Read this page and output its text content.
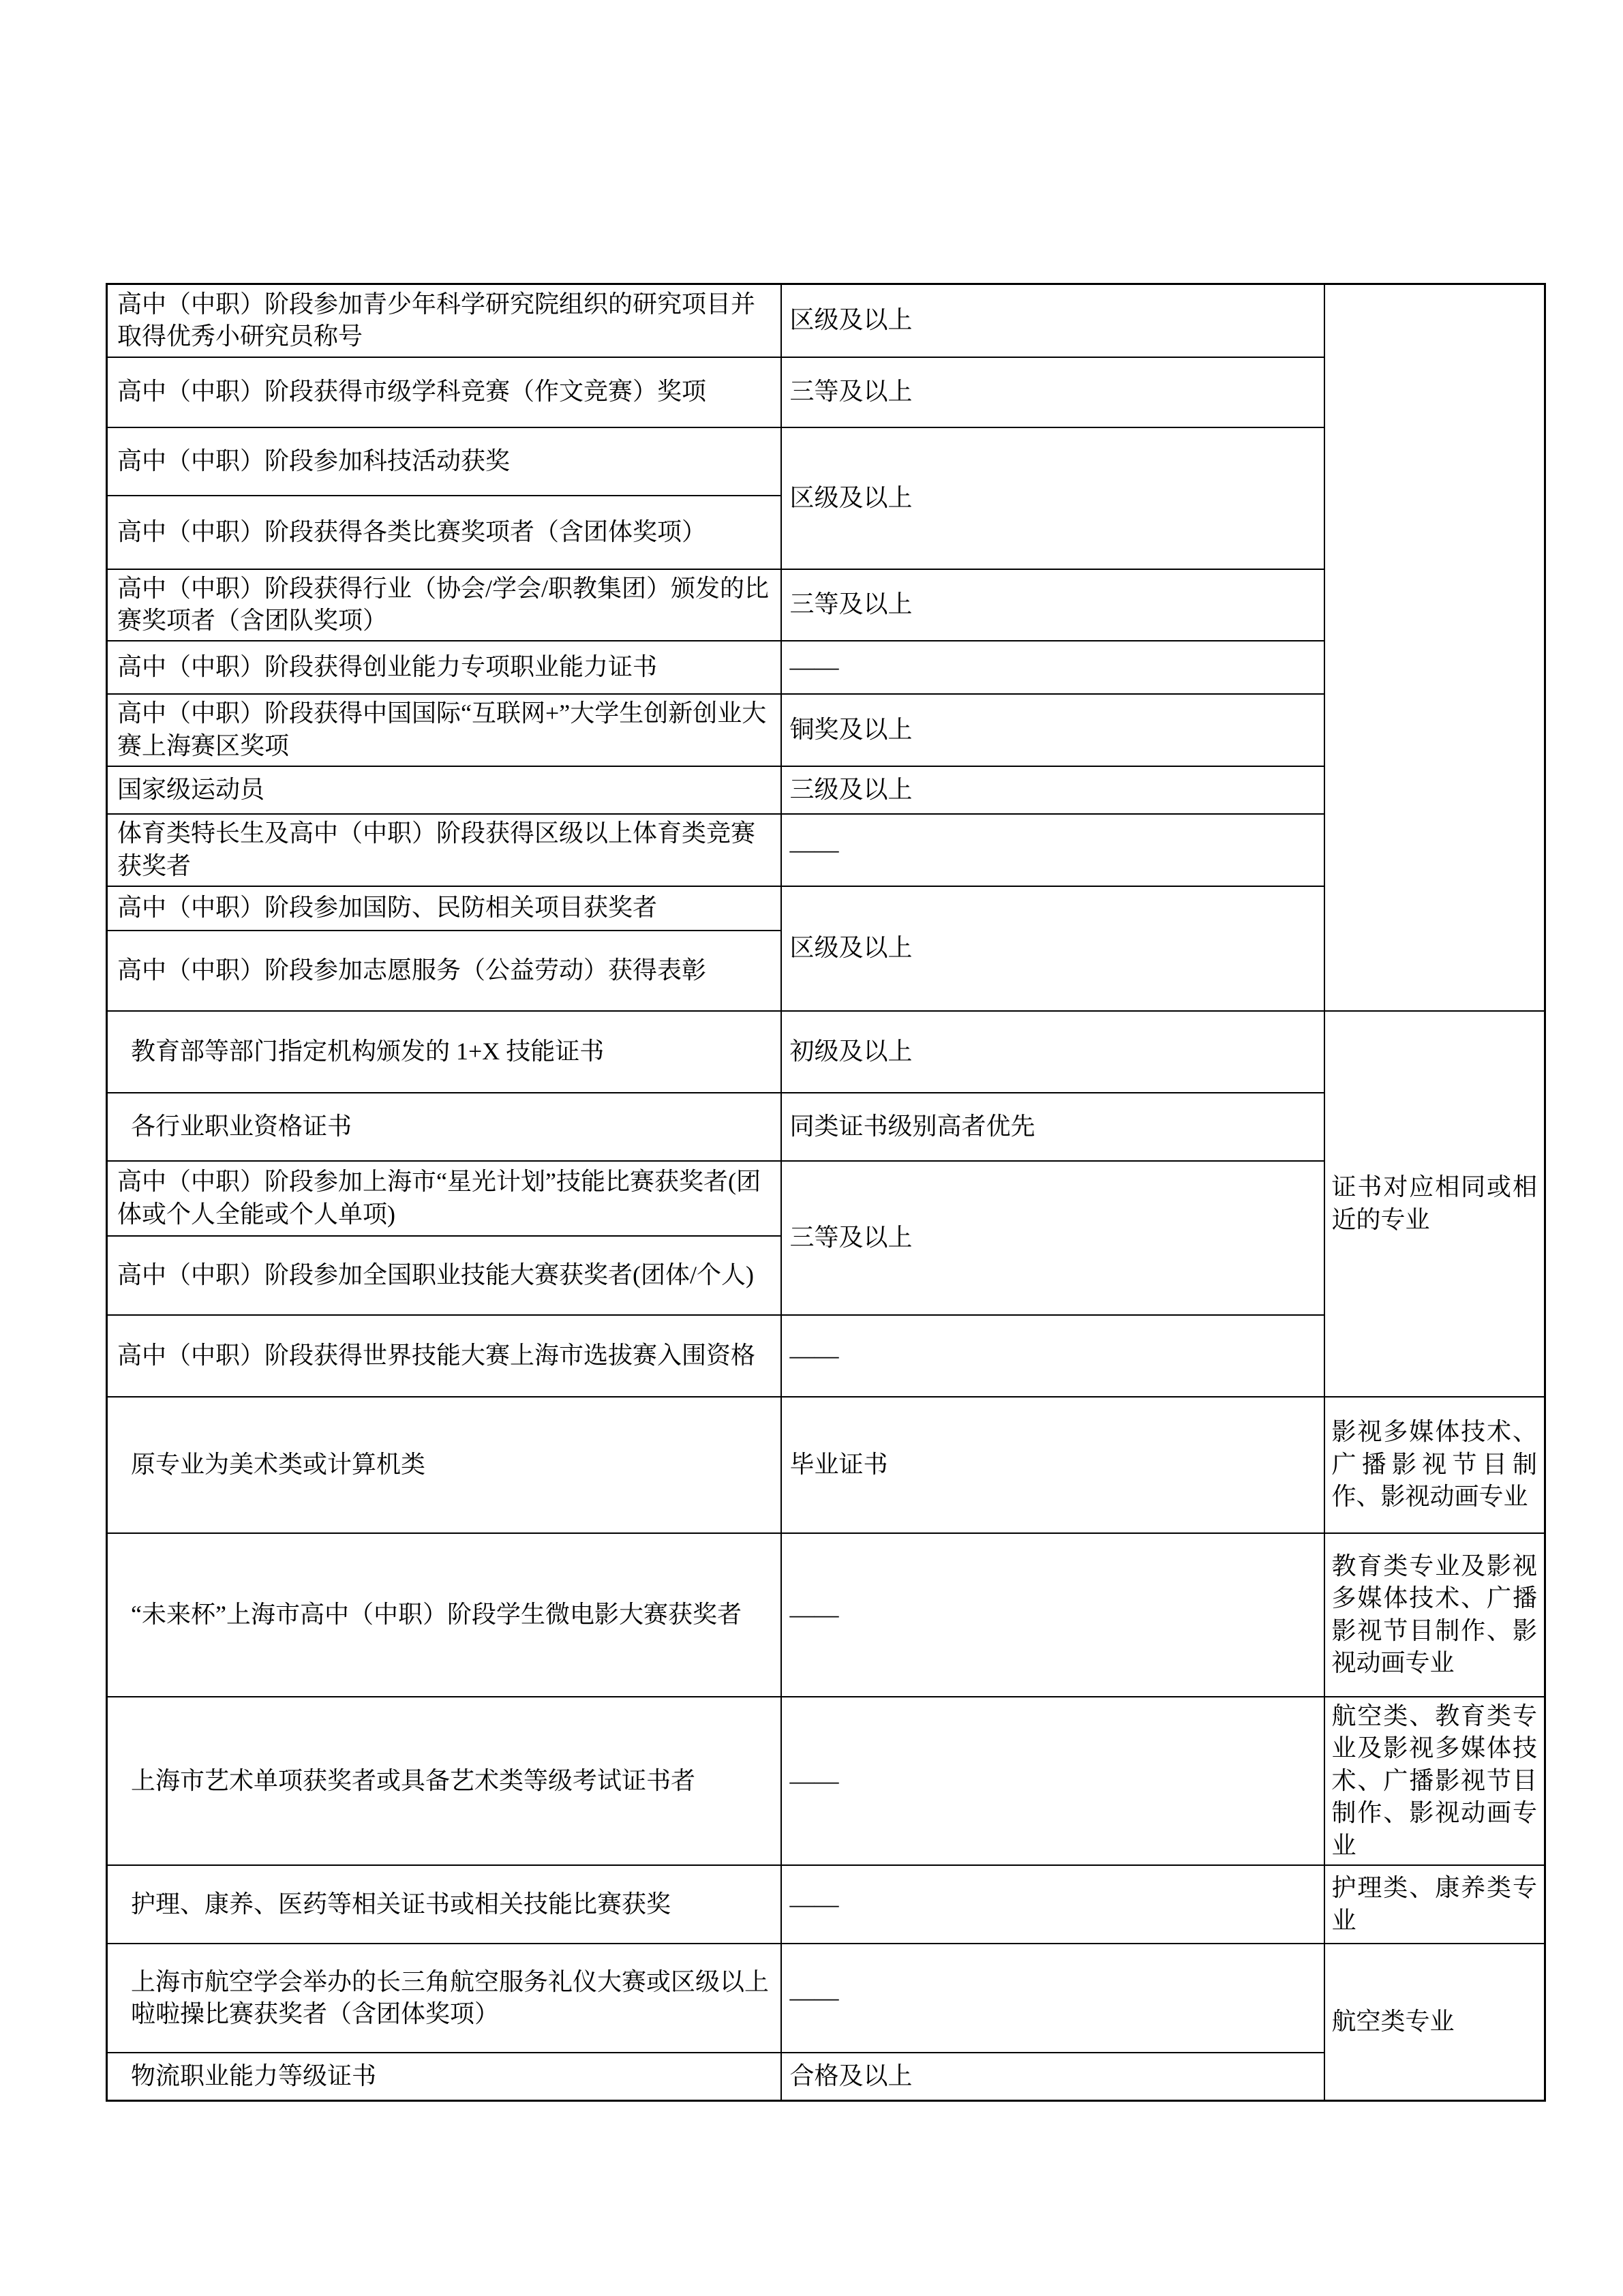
高中（中职）阶段参加青少年科学研究院组织的研究项目并取得优秀小研究员称号	区级及以上	
高中（中职）阶段获得市级学科竞赛（作文竞赛）奖项	三等及以上	
高中（中职）阶段参加科技活动获奖	区级及以上	
高中（中职）阶段获得各类比赛奖项者（含团体奖项）		
高中（中职）阶段获得行业（协会/学会/职教集团）颁发的比赛奖项者（含团队奖项）	三等及以上	
高中（中职）阶段获得创业能力专项职业能力证书	——	
高中（中职）阶段获得中国国际“互联网+”大学生创新创业大赛上海赛区奖项	铜奖及以上	
国家级运动员	三级及以上	
体育类特长生及高中（中职）阶段获得区级以上体育类竞赛获奖者	——	
高中（中职）阶段参加国防、民防相关项目获奖者	区级及以上	
高中（中职）阶段参加志愿服务（公益劳动）获得表彰		
教育部等部门指定机构颁发的 1+X 技能证书	初级及以上	证书对应相同或相近的专业
各行业职业资格证书	同类证书级别高者优先	
高中（中职）阶段参加上海市“星光计划”技能比赛获奖者(团体或个人全能或个人单项)	三等及以上	
高中（中职）阶段参加全国职业技能大赛获奖者(团体/个人)		
高中（中职）阶段获得世界技能大赛上海市选拔赛入围资格	——	
原专业为美术类或计算机类	毕业证书	影视多媒体技术、广播影视节目制作、影视动画专业
“未来杯”上海市高中（中职）阶段学生微电影大赛获奖者	——	教育类专业及影视多媒体技术、广播影视节目制作、影视动画专业
上海市艺术单项获奖者或具备艺术类等级考试证书者	——	航空类、教育类专业及影视多媒体技术、广播影视节目制作、影视动画专业
护理、康养、医药等相关证书或相关技能比赛获奖	——	护理类、康养类专业
上海市航空学会举办的长三角航空服务礼仪大赛或区级以上啦啦操比赛获奖者（含团体奖项）	——	航空类专业
物流职业能力等级证书	合格及以上	
